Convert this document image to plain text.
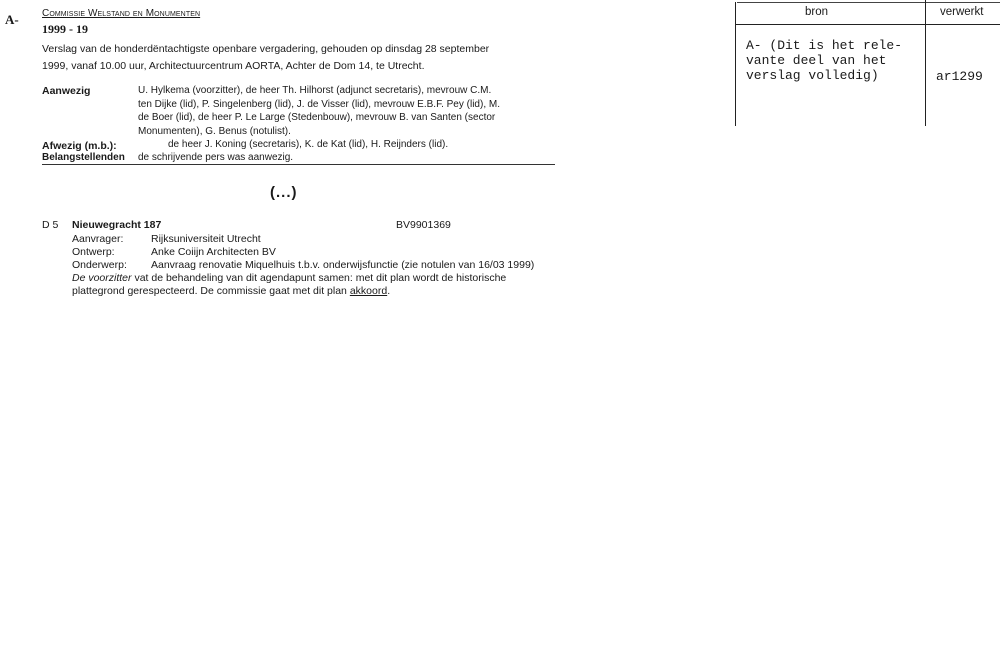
A- Commissie Welstand en Monumenten
1999 - 19
Verslag van de honderdëntachtigste openbare vergadering, gehouden op dinsdag 28 september
1999, vanaf 10.00 uur, Architectuurcentrum AORTA, Achter de Dom 14, te Utrecht.
Aanwezig	U. Hylkema (voorzitter), de heer Th. Hilhorst (adjunct secretaris), mevrouw C.M.
ten Dijke (lid), P. Singelenberg (lid), J. de Visser (lid), mevrouw E.B.F. Pey (lid), M.
de Boer (lid), de heer P. Le Large (Stedenbouw), mevrouw B. van Santen (sector
Monumenten), G. Benus (notulist).
Afwezig (m.b.):	de heer J. Koning (secretaris), K. de Kat (lid), H. Reijnders (lid).
Belangstellenden de schrijvende pers was aanwezig.
(...)
D 5 Nieuwegracht 187	BV9901369
Aanvrager:	Rijksuniversiteit Utrecht
Ontwerp:	Anke Coiijn Architecten BV
Onderwerp: Aanvraag renovatie Miquelhuis t.b.v. onderwijsfunctie (zie notulen van 16/03 1999)
De voorzitter vat de behandeling van dit agendapunt samen: met dit plan wordt de historische
plattegrond gerespecteerd. De commissie gaat met dit plan akkoord.
bron	verwerkt
A- (Dit is het rele-
vante deel van het
verslag volledig)	ar1299
